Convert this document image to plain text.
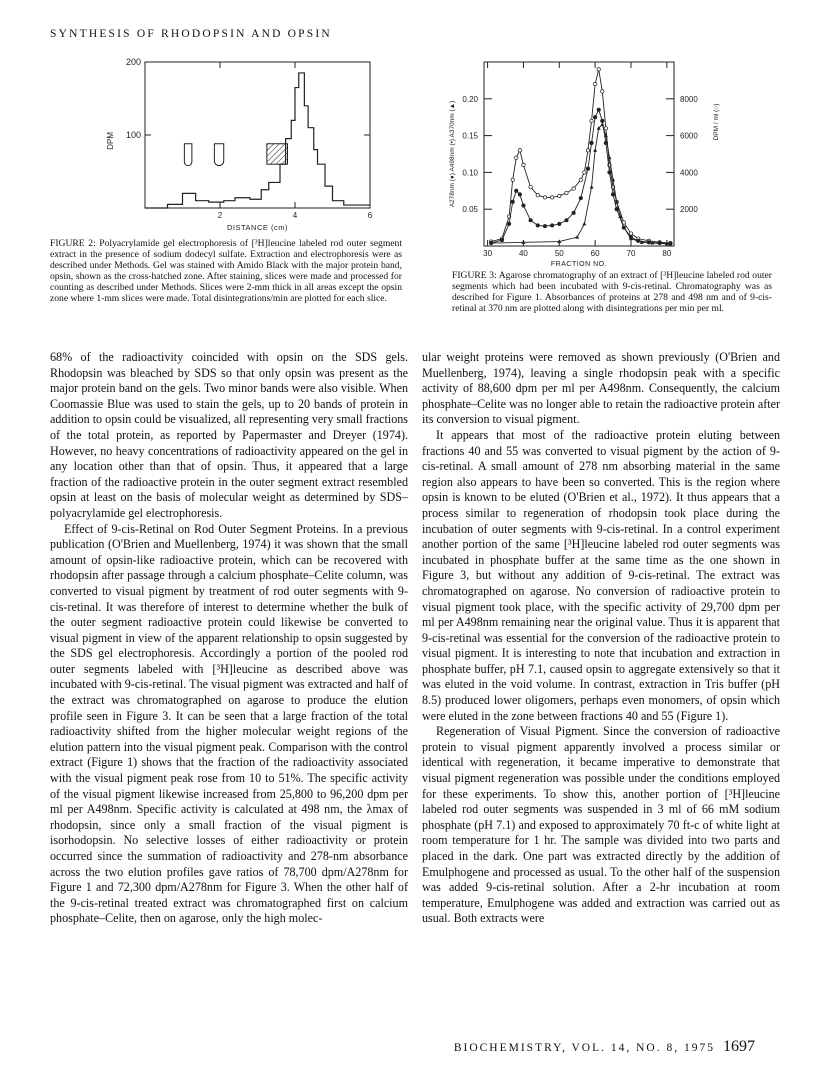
SYNTHESIS OF RHODOPSIN AND OPSIN
100
200
2	4	6
DPM
DISTANCE (cm)
FIGURE 2: Polyacrylamide gel electrophoresis of [³H]leucine labeled rod outer segment extract in the presence of sodium dodecyl sulfate. Extraction and electrophoresis were as described under Methods. Gel was stained with Amido Black with the major protein band, opsin, shown as the cross-hatched zone. After staining, slices were made and processed for counting as described under Methods. Slices were 2-mm thick in all areas except the opsin zone where 1-mm slices were made. Total disintegrations/min are plotted for each slice.
0.05
0.10
0.15
0.20
2000
4000
6000
8000
30	40	50	60	70	80
FRACTION NO.
A278nm (●) A498nm (•) A370nm (▲)	DPM / ml (○)
FIGURE 3: Agarose chromatography of an extract of [³H]leucine labeled rod outer segments which had been incubated with 9-cis-retinal. Chromatography was as described for Figure 1. Absorbances of proteins at 278 and 498 nm and of 9-cis-retinal at 370 nm are plotted along with disintegrations per min per ml.

68% of the radioactivity coincided with opsin on the SDS gels. Rhodopsin was bleached by SDS so that only opsin was present as the major protein band on the gels. Two minor bands were also visible. When Coomassie Blue was used to stain the gels, up to 20 bands of protein in addition to opsin could be visualized, all representing very small fractions of the total protein, as reported by Papermaster and Dreyer (1974). However, no heavy concentrations of radioactivity appeared on the gel in any location other than that of opsin. Thus, it appeared that a large fraction of the radioactive protein in the outer segment extract resembled opsin at least on the basis of molecular weight as determined by SDS–polyacrylamide gel electrophoresis.

Effect of 9-cis-Retinal on Rod Outer Segment Proteins. In a previous publication (O'Brien and Muellenberg, 1974) it was shown that the small amount of opsin-like radioactive protein, which can be recovered with rhodopsin after passage through a calcium phosphate–Celite column, was converted to visual pigment by treatment of rod outer segments with 9-cis-retinal. It was therefore of interest to determine whether the bulk of the outer segment radioactive protein could likewise be converted to visual pigment in view of the apparent relationship to opsin suggested by the SDS gel electrophoresis. Accordingly a portion of the pooled rod outer segments labeled with [³H]leucine as described above was incubated with 9-cis-retinal. The visual pigment was extracted and half of the extract was chromatographed on agarose to produce the elution profile seen in Figure 3. It can be seen that a large fraction of the total radioactivity shifted from the higher molecular weight regions of the elution pattern into the visual pigment peak. Comparison with the control extract (Figure 1) shows that the fraction of the radioactivity associated with the visual pigment peak rose from 10 to 51%. The specific activity of the visual pigment likewise increased from 25,800 to 96,200 dpm per ml per A498nm. Specific activity is calculated at 498 nm, the λmax of rhodopsin, since only a small fraction of the visual pigment is isorhodopsin. No selective losses of either radioactivity or protein occurred since the summation of radioactivity and 278-nm absorbance across the two elution profiles gave ratios of 78,700 dpm/A278nm for Figure 1 and 72,300 dpm/A278nm for Figure 3. When the other half of the 9-cis-retinal treated extract was chromatographed first on calcium phosphate–Celite, then on agarose, only the high molec-

ular weight proteins were removed as shown previously (O'Brien and Muellenberg, 1974), leaving a single rhodopsin peak with a specific activity of 88,600 dpm per ml per A498nm. Consequently, the calcium phosphate–Celite was no longer able to retain the radioactive protein after its conversion to visual pigment.

It appears that most of the radioactive protein eluting between fractions 40 and 55 was converted to visual pigment by the action of 9-cis-retinal. A small amount of 278 nm absorbing material in the same region also appears to have been so converted. This is the region where opsin is known to be eluted (O'Brien et al., 1972). It thus appears that a process similar to regeneration of rhodopsin took place during the incubation of outer segments with 9-cis-retinal. In a control experiment another portion of the same [³H]leucine labeled rod outer segments was incubated in phosphate buffer at the same time as the one shown in Figure 3, but without any addition of 9-cis-retinal. The extract was chromatographed on agarose. No conversion of radioactive protein to visual pigment took place, with the specific activity of 29,700 dpm per ml per A498nm remaining near the original value. Thus it is apparent that 9-cis-retinal was essential for the conversion of the radioactive protein to visual pigment. It is interesting to note that incubation and extraction in phosphate buffer, pH 7.1, caused opsin to aggregate extensively so that it was eluted in the void volume. In contrast, extraction in Tris buffer (pH 8.5) produced lower oligomers, perhaps even monomers, of opsin which were eluted in the zone between fractions 40 and 55 (Figure 1).

Regeneration of Visual Pigment. Since the conversion of radioactive protein to visual pigment apparently involved a process similar or identical with regeneration, it became imperative to demonstrate that visual pigment regeneration was possible under the conditions employed for these experiments. To show this, another portion of [³H]leucine labeled rod outer segments was suspended in 3 ml of 66 mM sodium phosphate (pH 7.1) and exposed to approximately 70 ft-c of white light at room temperature for 1 hr. The sample was divided into two parts and placed in the dark. One part was extracted directly by the addition of Emulphogene and processed as usual. To the other half of the suspension was added 9-cis-retinal solution. After a 2-hr incubation at room temperature, Emulphogene was added and extraction was carried out as usual. Both extracts were

BIOCHEMISTRY, VOL. 14, NO. 8, 1975 1697
